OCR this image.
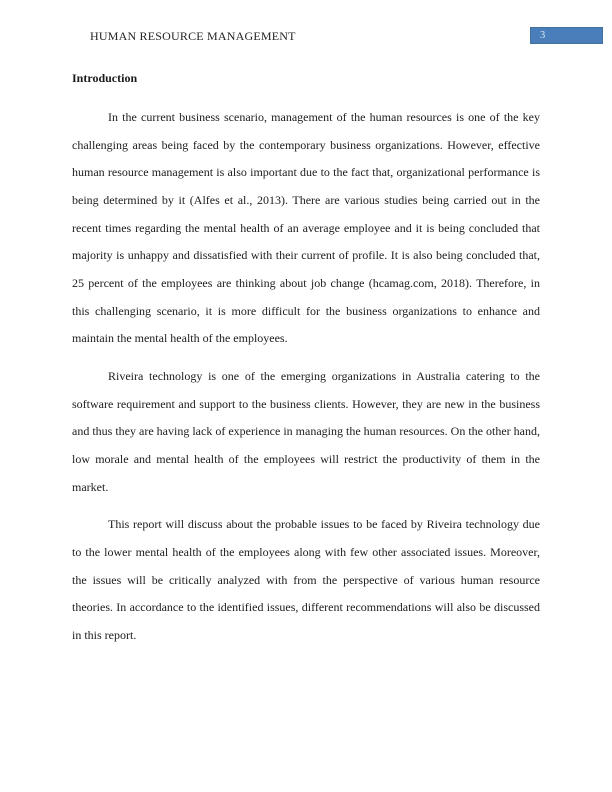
HUMAN RESOURCE MANAGEMENT	3
Introduction

In the current business scenario, management of the human resources is one of the key challenging areas being faced by the contemporary business organizations. However, effective human resource management is also important due to the fact that, organizational performance is being determined by it (Alfes et al., 2013). There are various studies being carried out in the recent times regarding the mental health of an average employee and it is being concluded that majority is unhappy and dissatisfied with their current of profile. It is also being concluded that, 25 percent of the employees are thinking about job change (hcamag.com, 2018). Therefore, in this challenging scenario, it is more difficult for the business organizations to enhance and maintain the mental health of the employees.

Riveira technology is one of the emerging organizations in Australia catering to the software requirement and support to the business clients. However, they are new in the business and thus they are having lack of experience in managing the human resources. On the other hand, low morale and mental health of the employees will restrict the productivity of them in the market.

This report will discuss about the probable issues to be faced by Riveira technology due to the lower mental health of the employees along with few other associated issues. Moreover, the issues will be critically analyzed with from the perspective of various human resource theories. In accordance to the identified issues, different recommendations will also be discussed in this report.
